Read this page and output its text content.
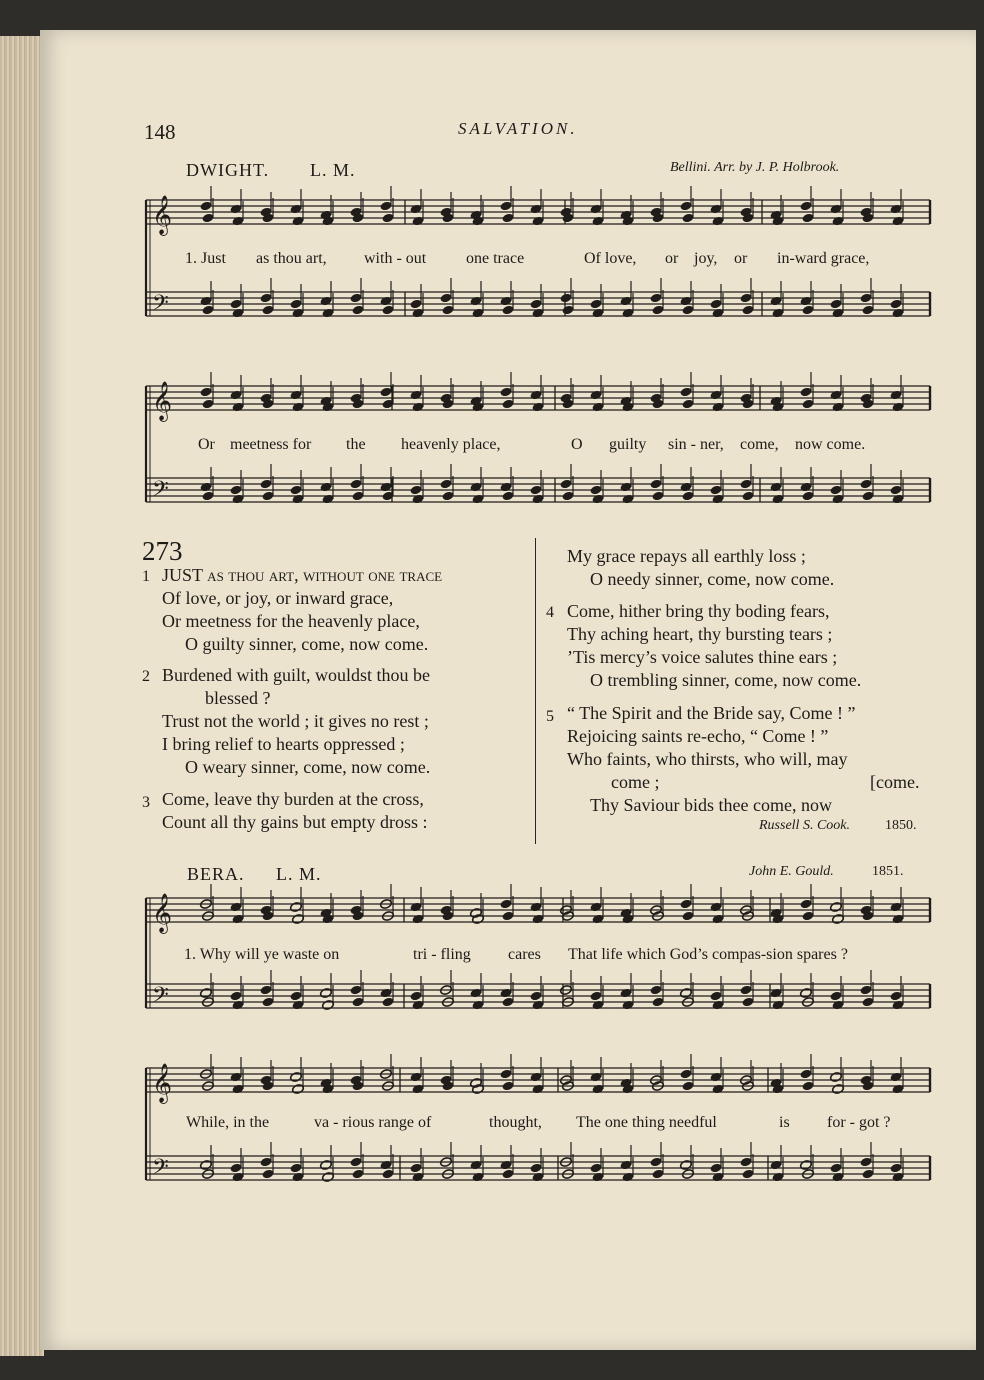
148	SALVATION.
DWIGHT. L. M.	Bellini. Arr. by J. P. Holbrook.
𝄞
𝄢
𝄞
𝄢
𝄞
𝄢
𝄞
𝄢
1. Just as thou art, with - out one trace	Of love, or joy, or in-ward grace,
Or meetness for the heavenly place,	O guilty sin - ner, come, now come.
273
1 JUST as thou art, without one trace
Of love, or joy, or inward grace,
Or meetness for the heavenly place,
O guilty sinner, come, now come.
2 Burdened with guilt, wouldst thou be
blessed ?
Trust not the world ; it gives no rest ;
I bring relief to hearts oppressed ;
O weary sinner, come, now come.
3 Come, leave thy burden at the cross,
Count all thy gains but empty dross :
My grace repays all earthly loss ;
O needy sinner, come, now come.
4 Come, hither bring thy boding fears,
Thy aching heart, thy bursting tears ;
’Tis mercy’s voice salutes thine ears ;
O trembling sinner, come, now come.
5 “ The Spirit and the Bride say, Come ! ”
Rejoicing saints re-echo, “ Come ! ”
Who faints, who thirsts, who will, may
come ;	[come.
Thy Saviour bids thee come, now
Russell S. Cook.	1850.
BERA. L. M.	John E. Gould.	1851.
1. Why will ye waste on	tri - fling cares That life which God’s compas-sion spares ?
While, in the	va - rious range of	thought, The one thing needful	is for - got ?
